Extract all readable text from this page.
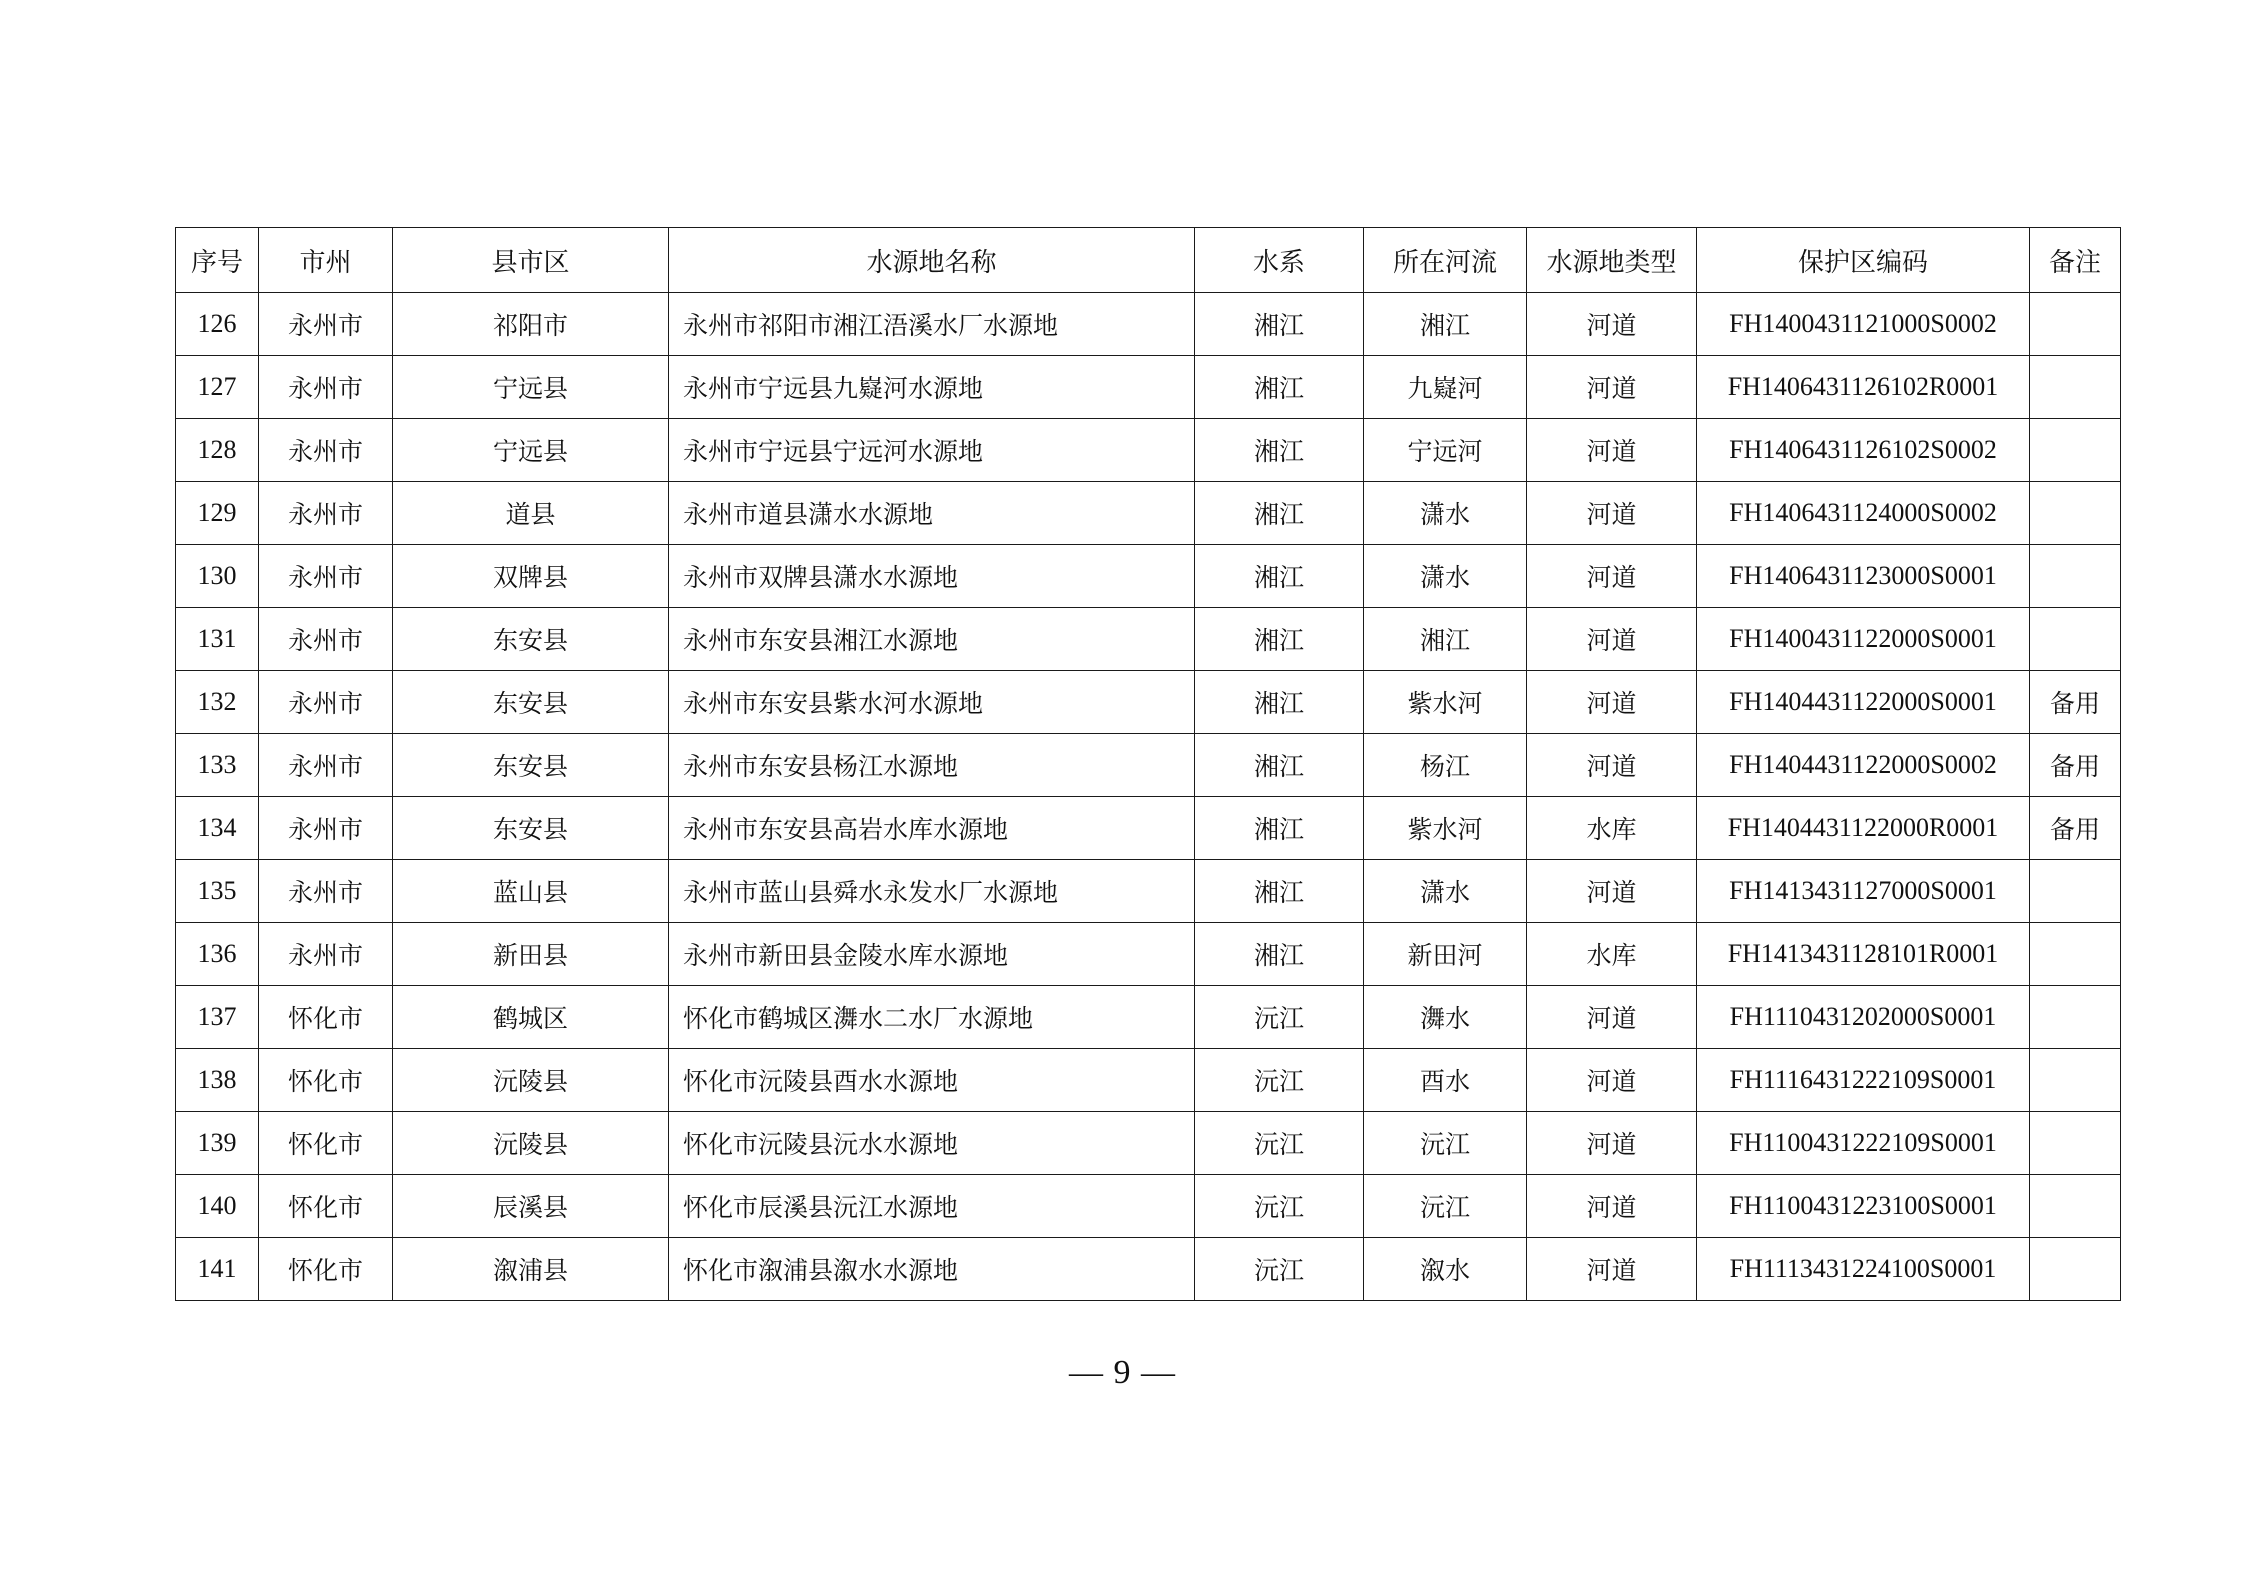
序号	市州	县市区	水源地名称	水系	所在河流	水源地类型	保护区编码	备注
126	永州市	祁阳市	永州市祁阳市湘江浯溪水厂水源地	湘江	湘江	河道	FH1400431121000S0002	
127	永州市	宁远县	永州市宁远县九嶷河水源地	湘江	九嶷河	河道	FH1406431126102R0001	
128	永州市	宁远县	永州市宁远县宁远河水源地	湘江	宁远河	河道	FH1406431126102S0002	
129	永州市	道县	永州市道县潇水水源地	湘江	潇水	河道	FH1406431124000S0002	
130	永州市	双牌县	永州市双牌县潇水水源地	湘江	潇水	河道	FH1406431123000S0001	
131	永州市	东安县	永州市东安县湘江水源地	湘江	湘江	河道	FH1400431122000S0001	
132	永州市	东安县	永州市东安县紫水河水源地	湘江	紫水河	河道	FH1404431122000S0001	备用
133	永州市	东安县	永州市东安县杨江水源地	湘江	杨江	河道	FH1404431122000S0002	备用
134	永州市	东安县	永州市东安县高岩水库水源地	湘江	紫水河	水库	FH1404431122000R0001	备用
135	永州市	蓝山县	永州市蓝山县舜水永发水厂水源地	湘江	潇水	河道	FH1413431127000S0001	
136	永州市	新田县	永州市新田县金陵水库水源地	湘江	新田河	水库	FH1413431128101R0001	
137	怀化市	鹤城区	怀化市鹤城区㵲水二水厂水源地	沅江	㵲水	河道	FH1110431202000S0001	
138	怀化市	沅陵县	怀化市沅陵县酉水水源地	沅江	酉水	河道	FH1116431222109S0001	
139	怀化市	沅陵县	怀化市沅陵县沅水水源地	沅江	沅江	河道	FH1100431222109S0001	
140	怀化市	辰溪县	怀化市辰溪县沅江水源地	沅江	沅江	河道	FH1100431223100S0001	
141	怀化市	溆浦县	怀化市溆浦县溆水水源地	沅江	溆水	河道	FH1113431224100S0001	
— 9 —
